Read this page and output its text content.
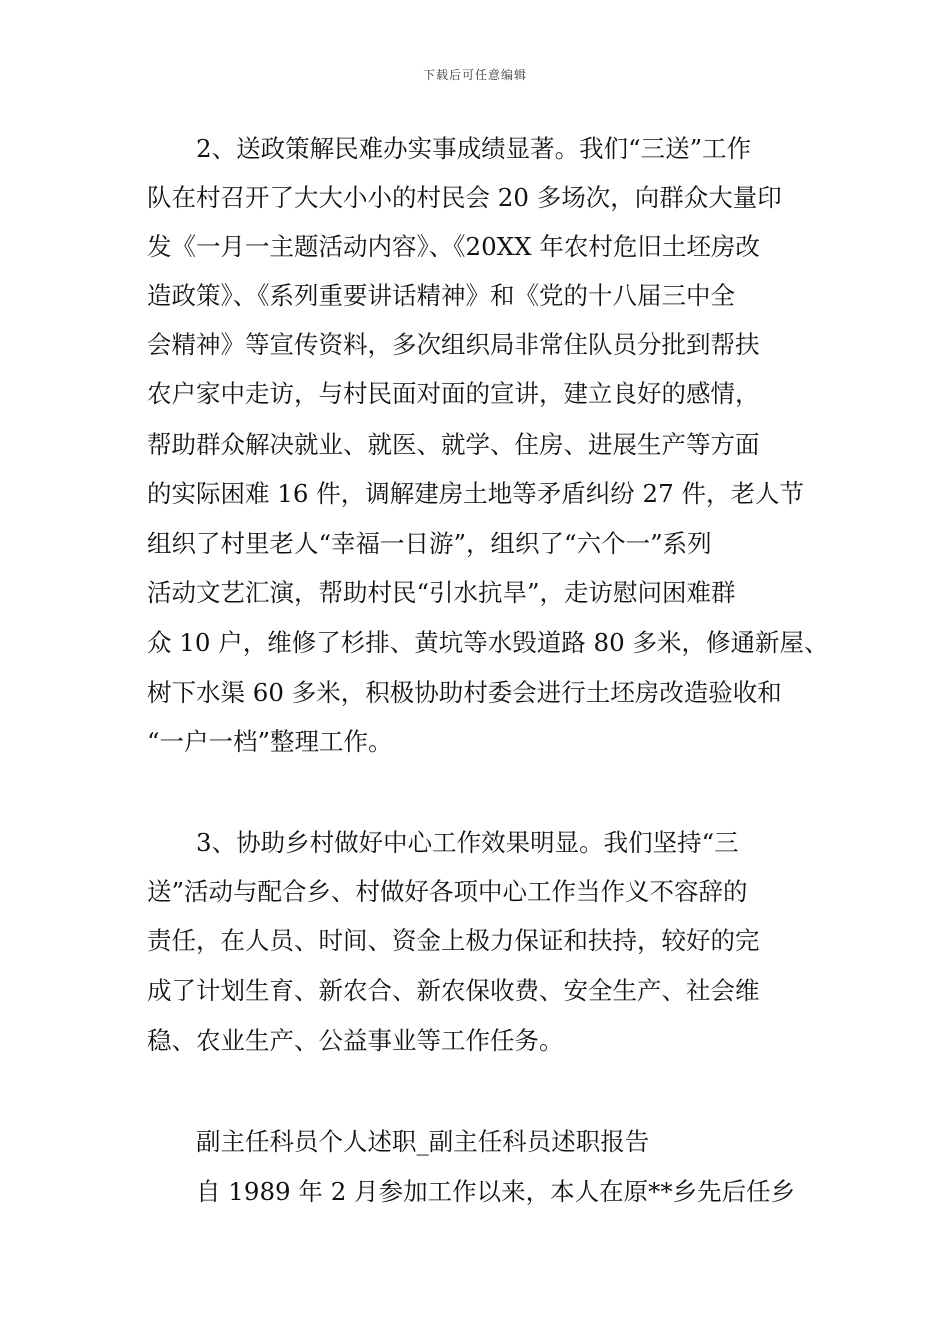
下载后可任意编辑
2、送政策解民难办实事成绩显著。我们“三送”工作
队在村召开了大大小小的村民会 20 多场次，向群众大量印
发《一月一主题活动内容》、《20XX 年农村危旧土坯房改
造政策》、《系列重要讲话精神》和《党的十八届三中全
会精神》等宣传资料，多次组织局非常住队员分批到帮扶
农户家中走访，与村民面对面的宣讲，建立良好的感情，
帮助群众解决就业、就医、就学、住房、进展生产等方面
的实际困难 16 件，调解建房土地等矛盾纠纷 27 件，老人节
组织了村里老人“幸福一日游”，组织了“六个一”系列
活动文艺汇演，帮助村民“引水抗旱”，走访慰问困难群
众 10 户，维修了杉排、黄坑等水毁道路 80 多米，修通新屋、
树下水渠 60 多米，积极协助村委会进行土坯房改造验收和
“一户一档”整理工作。
3、协助乡村做好中心工作效果明显。我们坚持“三
送”活动与配合乡、村做好各项中心工作当作义不容辞的
责任，在人员、时间、资金上极力保证和扶持，较好的完
成了计划生育、新农合、新农保收费、安全生产、社会维
稳、农业生产、公益事业等工作任务。
副主任科员个人述职_副主任科员述职报告
自 1989 年 2 月参加工作以来，本人在原**乡先后任乡
